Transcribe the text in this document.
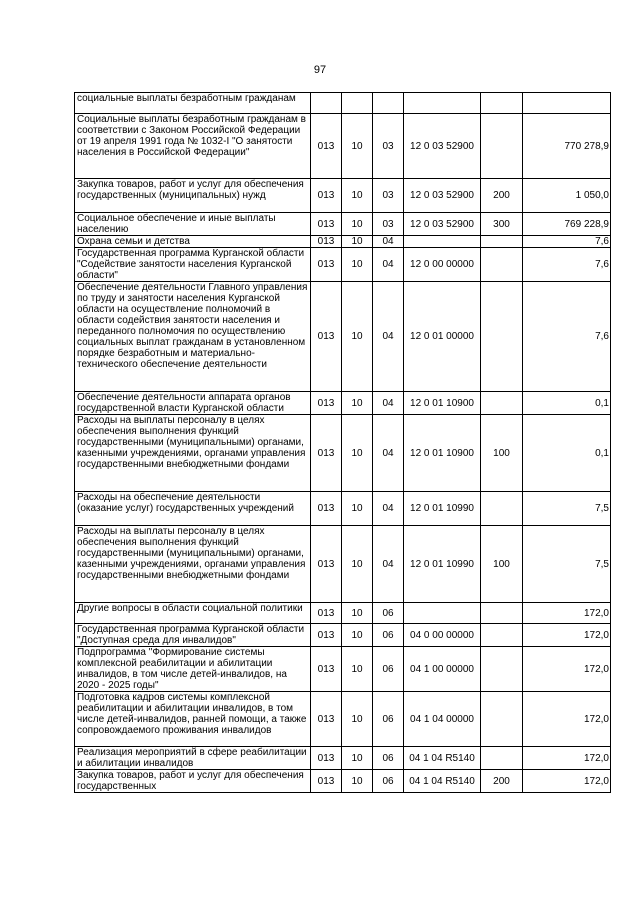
97
социальные выплаты безработным гражданам						
Социальные выплаты безработным гражданам в соответствии с Законом Российской Федерации от 19 апреля 1991 года № 1032-I "О занятости населения в Российской Федерации"	013	10	03	12 0 03 52900		770 278,9
Закупка товаров, работ и услуг для обеспечения государственных (муниципальных) нужд	013	10	03	12 0 03 52900	200	1 050,0
Социальное обеспечение и иные выплаты населению	013	10	03	12 0 03 52900	300	769 228,9
Охрана семьи и детства	013	10	04			7,6
Государственная программа Курганской области "Содействие занятости населения Курганской области"	013	10	04	12 0 00 00000		7,6
Обеспечение деятельности Главного управления по труду и занятости населения Курганской области на осуществление полномочий в области содействия занятости населения и переданного полномочия по осуществлению социальных выплат гражданам в установленном порядке безработным и материально-технического обеспечение деятельности	013	10	04	12 0 01 00000		7,6
Обеспечение деятельности аппарата органов государственной власти Курганской области	013	10	04	12 0 01 10900		0,1
Расходы на выплаты персоналу в целях обеспечения выполнения функций государственными (муниципальными) органами, казенными учреждениями, органами управления государственными внебюджетными фондами	013	10	04	12 0 01 10900	100	0,1
Расходы на обеспечение деятельности (оказание услуг) государственных учреждений	013	10	04	12 0 01 10990		7,5
Расходы на выплаты персоналу в целях обеспечения выполнения функций государственными (муниципальными) органами, казенными учреждениями, органами управления государственными внебюджетными фондами	013	10	04	12 0 01 10990	100	7,5
Другие вопросы в области социальной политики	013	10	06			172,0
Государственная программа Курганской области "Доступная среда для инвалидов"	013	10	06	04 0 00 00000		172,0
Подпрограмма "Формирование системы комплексной реабилитации и абилитации инвалидов, в том числе детей-инвалидов, на 2020 - 2025 годы"	013	10	06	04 1 00 00000		172,0
Подготовка кадров системы комплексной реабилитации и абилитации инвалидов, в том числе детей-инвалидов, ранней помощи, а также сопровождаемого проживания инвалидов	013	10	06	04 1 04 00000		172,0
Реализация мероприятий в сфере реабилитации и абилитации инвалидов	013	10	06	04 1 04 R5140		172,0
Закупка товаров, работ и услуг для обеспечения государственных	013	10	06	04 1 04 R5140	200	172,0
